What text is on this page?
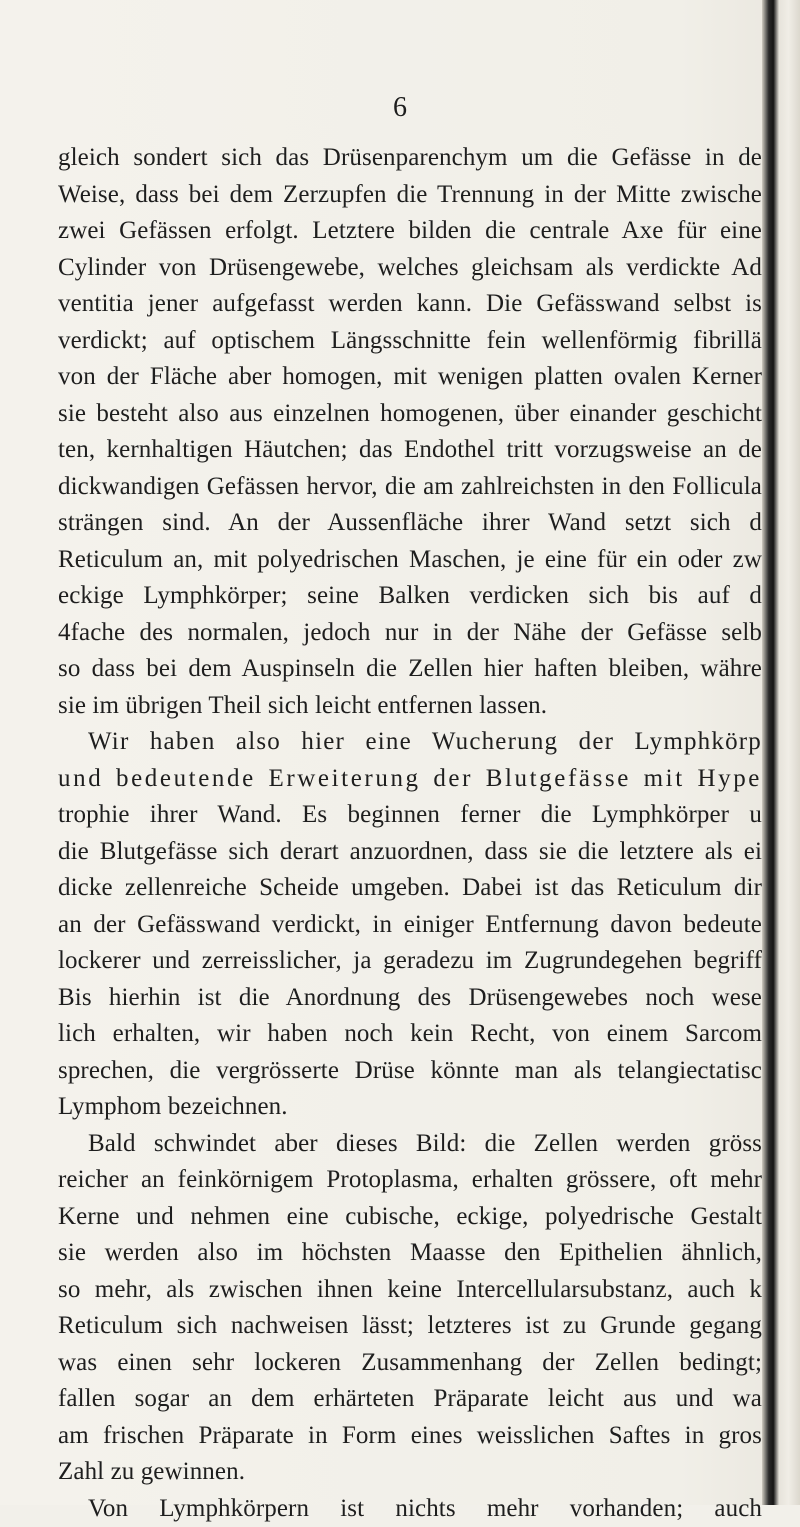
6
gleich sondert sich das Drüsenparenchym um die Gefässe in de
Weise, dass bei dem Zerzupfen die Trennung in der Mitte zwische
zwei Gefässen erfolgt. Letztere bilden die centrale Axe für eine
Cylinder von Drüsengewebe, welches gleichsam als verdickte Ad
ventitia jener aufgefasst werden kann. Die Gefässwand selbst is
verdickt; auf optischem Längsschnitte fein wellenförmig fibrillä
von der Fläche aber homogen, mit wenigen platten ovalen Kerner
sie besteht also aus einzelnen homogenen, über einander geschicht
ten, kernhaltigen Häutchen; das Endothel tritt vorzugsweise an de
dickwandigen Gefässen hervor, die am zahlreichsten in den Follicula
strängen sind. An der Aussenfläche ihrer Wand setzt sich d
Reticulum an, mit polyedrischen Maschen, je eine für ein oder zw
eckige Lymphkörper; seine Balken verdicken sich bis auf d
4fache des normalen, jedoch nur in der Nähe der Gefässe selb
so dass bei dem Auspinseln die Zellen hier haften bleiben, währe
sie im übrigen Theil sich leicht entfernen lassen.
Wir haben also hier eine Wucherung der Lymphkörp
und bedeutende Erweiterung der Blutgefässe mit Hype
trophie ihrer Wand. Es beginnen ferner die Lymphkörper u
die Blutgefässe sich derart anzuordnen, dass sie die letztere als ei
dicke zellenreiche Scheide umgeben. Dabei ist das Reticulum dir
an der Gefässwand verdickt, in einiger Entfernung davon bedeute
lockerer und zerreisslicher, ja geradezu im Zugrundegehen begriff
Bis hierhin ist die Anordnung des Drüsengewebes noch wese
lich erhalten, wir haben noch kein Recht, von einem Sarcom
sprechen, die vergrösserte Drüse könnte man als telangiectatisc
Lymphom bezeichnen.
Bald schwindet aber dieses Bild: die Zellen werden gröss
reicher an feinkörnigem Protoplasma, erhalten grössere, oft mehr
Kerne und nehmen eine cubische, eckige, polyedrische Gestalt
sie werden also im höchsten Maasse den Epithelien ähnlich,
so mehr, als zwischen ihnen keine Intercellularsubstanz, auch k
Reticulum sich nachweisen lässt; letzteres ist zu Grunde gegang
was einen sehr lockeren Zusammenhang der Zellen bedingt;
fallen sogar an dem erhärteten Präparate leicht aus und wa
am frischen Präparate in Form eines weisslichen Saftes in gros
Zahl zu gewinnen.
Von Lymphkörpern ist nichts mehr vorhanden; auch
